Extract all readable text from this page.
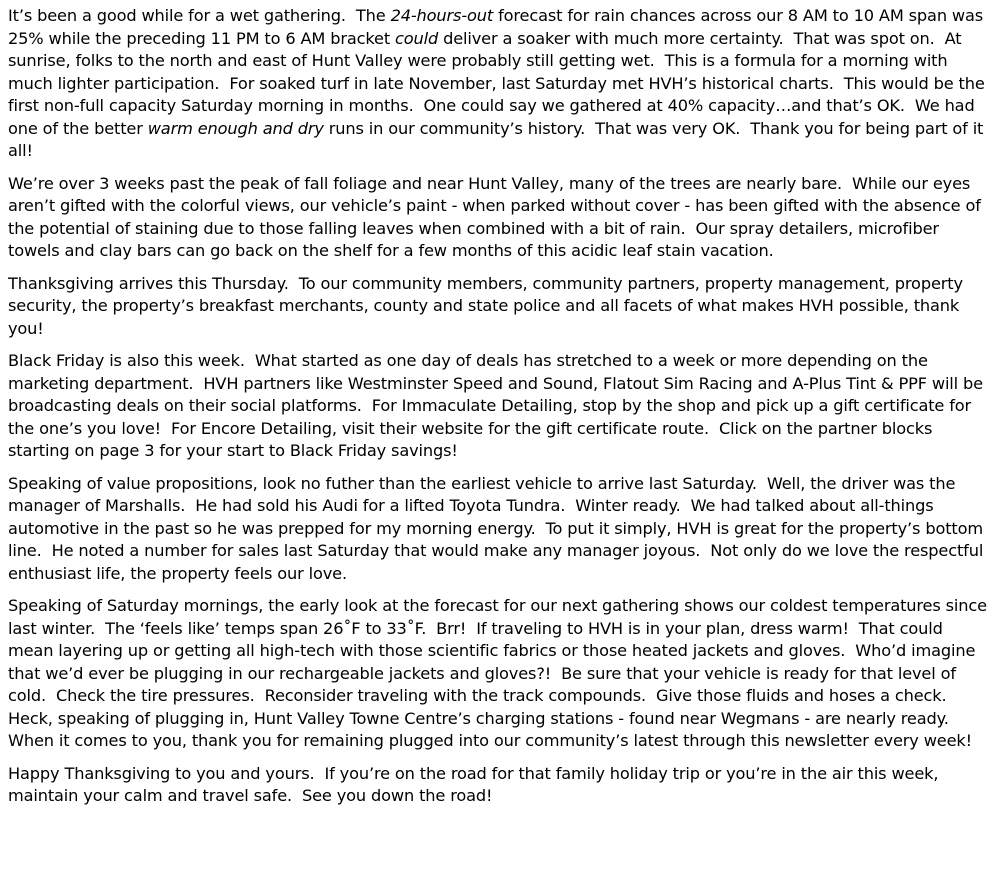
It’s been a good while for a wet gathering.  The 24-hours-out forecast for rain chances across our 8 AM to 10 AM span was 25% while the preceding 11 PM to 6 AM bracket could deliver a soaker with much more certainty.  That was spot on.  At sunrise, folks to the north and east of Hunt Valley were probably still getting wet.  This is a formula for a morning with much lighter participation.  For soaked turf in late November, last Saturday met HVH’s historical charts.  This would be the first non-full capacity Saturday morning in months.  One could say we gathered at 40% capacity…and that’s OK.  We had one of the better warm enough and dry runs in our community’s history.  That was very OK.  Thank you for being part of it all!

We’re over 3 weeks past the peak of fall foliage and near Hunt Valley, many of the trees are nearly bare.  While our eyes aren’t gifted with the colorful views, our vehicle’s paint - when parked without cover - has been gifted with the absence of the potential of staining due to those falling leaves when combined with a bit of rain.  Our spray detailers, microfiber towels and clay bars can go back on the shelf for a few months of this acidic leaf stain vacation.

Thanksgiving arrives this Thursday.  To our community members, community partners, property management, property security, the property’s breakfast merchants, county and state police and all facets of what makes HVH possible, thank you!

Black Friday is also this week.  What started as one day of deals has stretched to a week or more depending on the marketing department.  HVH partners like Westminster Speed and Sound, Flatout Sim Racing and A-Plus Tint & PPF will be broadcasting deals on their social platforms.  For Immaculate Detailing, stop by the shop and pick up a gift certificate for the one’s you love!  For Encore Detailing, visit their website for the gift certificate route.  Click on the partner blocks starting on page 3 for your start to Black Friday savings!

Speaking of value propositions, look no futher than the earliest vehicle to arrive last Saturday.  Well, the driver was the manager of Marshalls.  He had sold his Audi for a lifted Toyota Tundra.  Winter ready.  We had talked about all-things automotive in the past so he was prepped for my morning energy.  To put it simply, HVH is great for the property’s bottom line.  He noted a number for sales last Saturday that would make any manager joyous.  Not only do we love the respectful enthusiast life, the property feels our love.

Speaking of Saturday mornings, the early look at the forecast for our next gathering shows our coldest temperatures since last winter.  The ‘feels like’ temps span 26˚F to 33˚F.  Brr!  If traveling to HVH is in your plan, dress warm!  That could mean layering up or getting all high-tech with those scientific fabrics or those heated jackets and gloves.  Who’d imagine that we’d ever be plugging in our rechargeable jackets and gloves?!  Be sure that your vehicle is ready for that level of cold.  Check the tire pressures.  Reconsider traveling with the track compounds.  Give those fluids and hoses a check.  Heck, speaking of plugging in, Hunt Valley Towne Centre’s charging stations - found near Wegmans - are nearly ready.  When it comes to you, thank you for remaining plugged into our community’s latest through this newsletter every week!

Happy Thanksgiving to you and yours.  If you’re on the road for that family holiday trip or you’re in the air this week, maintain your calm and travel safe.  See you down the road!
